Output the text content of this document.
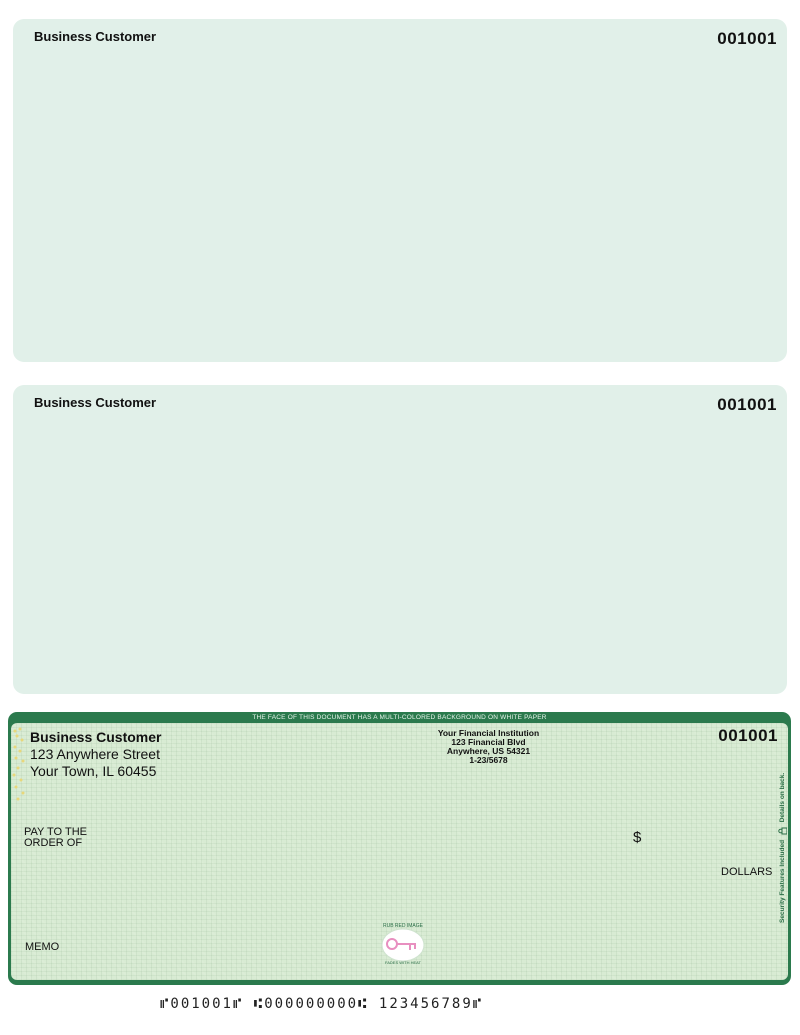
Business Customer	001001
Business Customer	001001
THE FACE OF THIS DOCUMENT HAS A MULTI-COLORED BACKGROUND ON WHITE PAPER
Business Customer
123 Anywhere Street
Your Town, IL 60455
Your Financial Institution
123 Financial Blvd
Anywhere, US 54321
1-23/5678
001001
PAY TO THE
ORDER OF	$
DOLLARS
MEMO
RUB RED IMAGE
FADES WITH HEAT
Security Features Included  Details on back.
⑈001001⑈ ⑆000000000⑆ 123456789⑈
